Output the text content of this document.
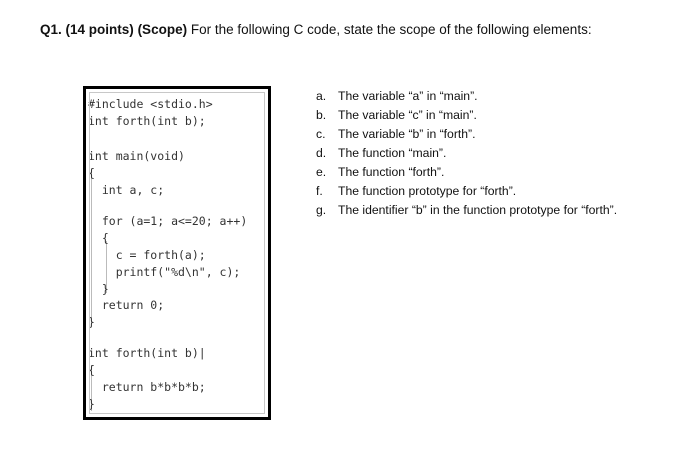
Q1. (14 points) (Scope) For the following C code, state the scope of the following elements:
#include <stdio.h>
int forth(int b);
int main(void)
{
int a, c;
for (a=1; a<=20; a++)
{
c = forth(a);
printf("%d\n", c);
}
return 0;
}
int forth(int b)|
{
return b*b*b*b;
}
a. The variable “a” in “main”.
b. The variable “c” in “main”.
c. The variable “b” in “forth”.
d. The function “main”.
e. The function “forth”.
f. The function prototype for “forth”.
g. The identifier “b” in the function prototype for “forth”.
